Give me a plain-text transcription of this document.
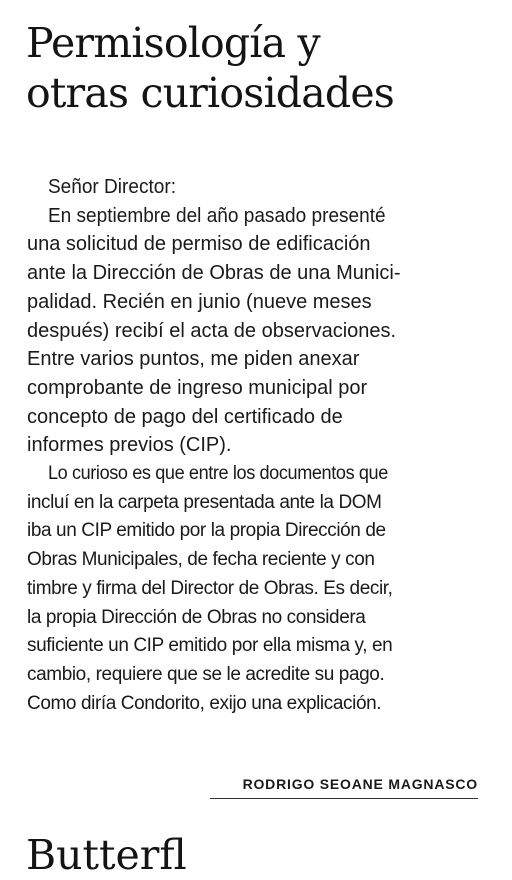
Permisología y
otras curiosidades
Señor Director:
En septiembre del año pasado presenté
una solicitud de permiso de edificación
ante la Dirección de Obras de una Munici-
palidad. Recién en junio (nueve meses
después) recibí el acta de observaciones.
Entre varios puntos, me piden anexar
comprobante de ingreso municipal por
concepto de pago del certificado de
informes previos (CIP).
Lo curioso es que entre los documentos que
incluí en la carpeta presentada ante la DOM
iba un CIP emitido por la propia Dirección de
Obras Municipales, de fecha reciente y con
timbre y firma del Director de Obras. Es decir,
la propia Dirección de Obras no considera
suficiente un CIP emitido por ella misma y, en
cambio, requiere que se le acredite su pago.
Como diría Condorito, exijo una explicación.
RODRIGO SEOANE MAGNASCO
Butterfl
